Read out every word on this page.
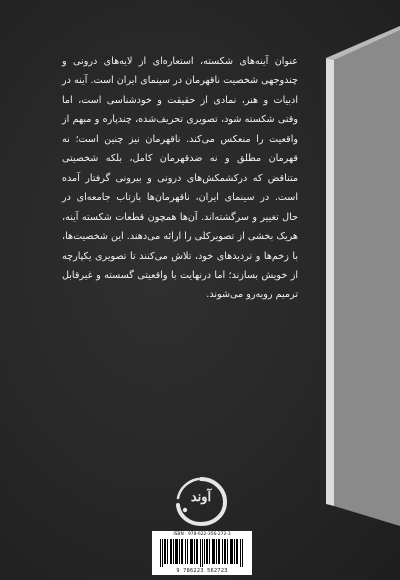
عنوان آینه‌های شکسته، استعاره‌ای از لایه‌های درونی و چندوجهی شخصیت ناقهرمان در سینمای ایران است. آینه در ادبیات و هنر، نمادی از حقیقت و خودشناسی است، اما وقتی شکسته شود، تصویری تحریف‌شده، چندپاره و مبهم از واقعیت را منعکس می‌کند. ناقهرمان نیز چنین است؛ نه قهرمان مطلق و نه ضدقهرمان کامل، بلکه شخصیتی متناقض که درکشمکش‌های درونی و بیرونی گرفتار آمده است. در سینمای ایران، ناقهرمان‌ها بازتاب جامعه‌ای در حال تغییر و سرگشته‌اند. آن‌ها همچون قطعات شکسته آینه، هریک بخشی از تصویرکلی را ارائه می‌دهند. این شخصیت‌ها، با زخم‌ها و تردیدهای خود، تلاش می‌کنند تا تصویری یکپارچه از خویش بسازند؛ اما درنهایت با واقعیتی گسسته و غیرقابل ترمیم روبه‌رو می‌شوند.

آوند
ISBN : 978-622-356-272-3
9 786223 562723
